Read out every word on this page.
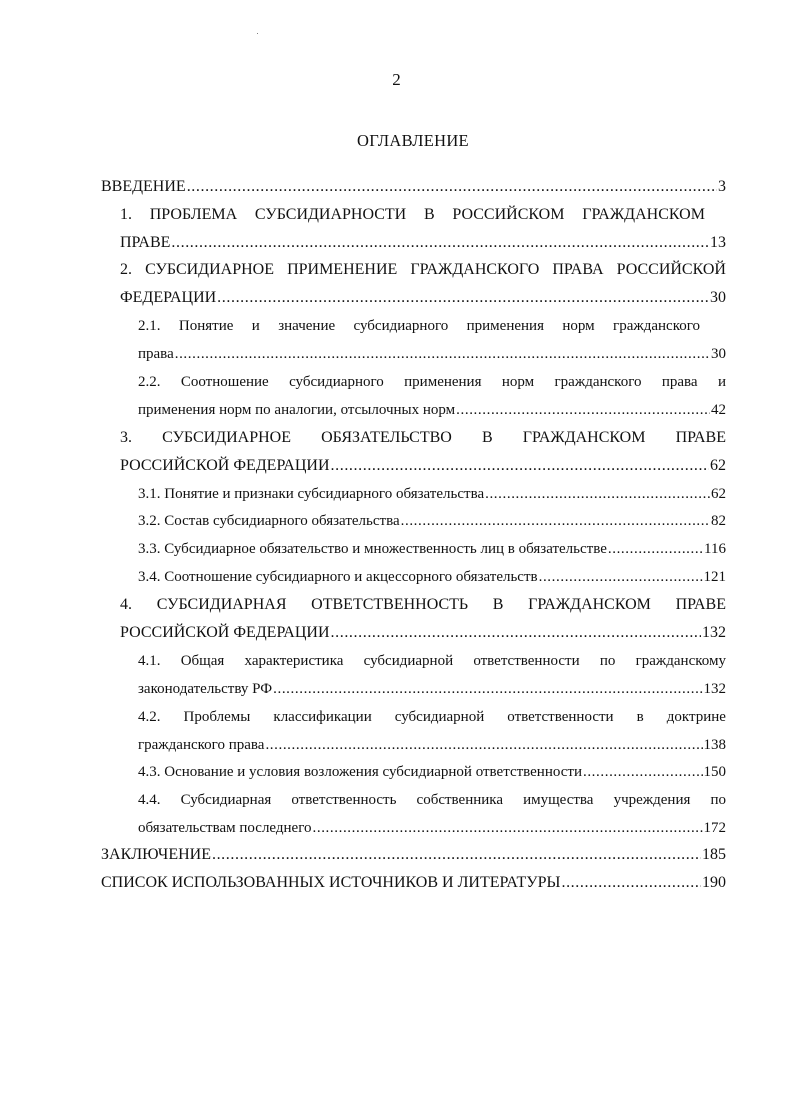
2
ОГЛАВЛЕНИЕ
ВВЕДЕНИЕ .....	3
1. ПРОБЛЕМА СУБСИДИАРНОСТИ В РОССИЙСКОМ ГРАЖДАНСКОМ
ПРАВЕ .....	13
2. СУБСИДИАРНОЕ ПРИМЕНЕНИЕ ГРАЖДАНСКОГО ПРАВА РОССИЙСКОЙ
ФЕДЕРАЦИИ .....	30
2.1. Понятие и значение субсидиарного применения норм гражданского
права .....	30
2.2. Соотношение субсидиарного применения норм гражданского права и
применения норм по аналогии, отсылочных норм .....	42
3. СУБСИДИАРНОЕ ОБЯЗАТЕЛЬСТВО В ГРАЖДАНСКОМ ПРАВЕ
РОССИЙСКОЙ ФЕДЕРАЦИИ .....	62
3.1. Понятие и признаки субсидиарного обязательства .....	62
3.2. Состав субсидиарного обязательства .....	82
3.3. Субсидиарное обязательство и множественность лиц в обязательстве .....	116
3.4. Соотношение субсидиарного и акцессорного обязательств .....	121
4. СУБСИДИАРНАЯ ОТВЕТСТВЕННОСТЬ В ГРАЖДАНСКОМ ПРАВЕ
РОССИЙСКОЙ ФЕДЕРАЦИИ .....	132
4.1. Общая характеристика субсидиарной ответственности по гражданскому
законодательству РФ .....	132
4.2. Проблемы классификации субсидиарной ответственности в доктрине
гражданского права .....	138
4.3. Основание и условия возложения субсидиарной ответственности .....	150
4.4. Субсидиарная ответственность собственника имущества учреждения по
обязательствам последнего .....	172
ЗАКЛЮЧЕНИЕ .....	185
СПИСОК ИСПОЛЬЗОВАННЫХ ИСТОЧНИКОВ И ЛИТЕРАТУРЫ .....	190
